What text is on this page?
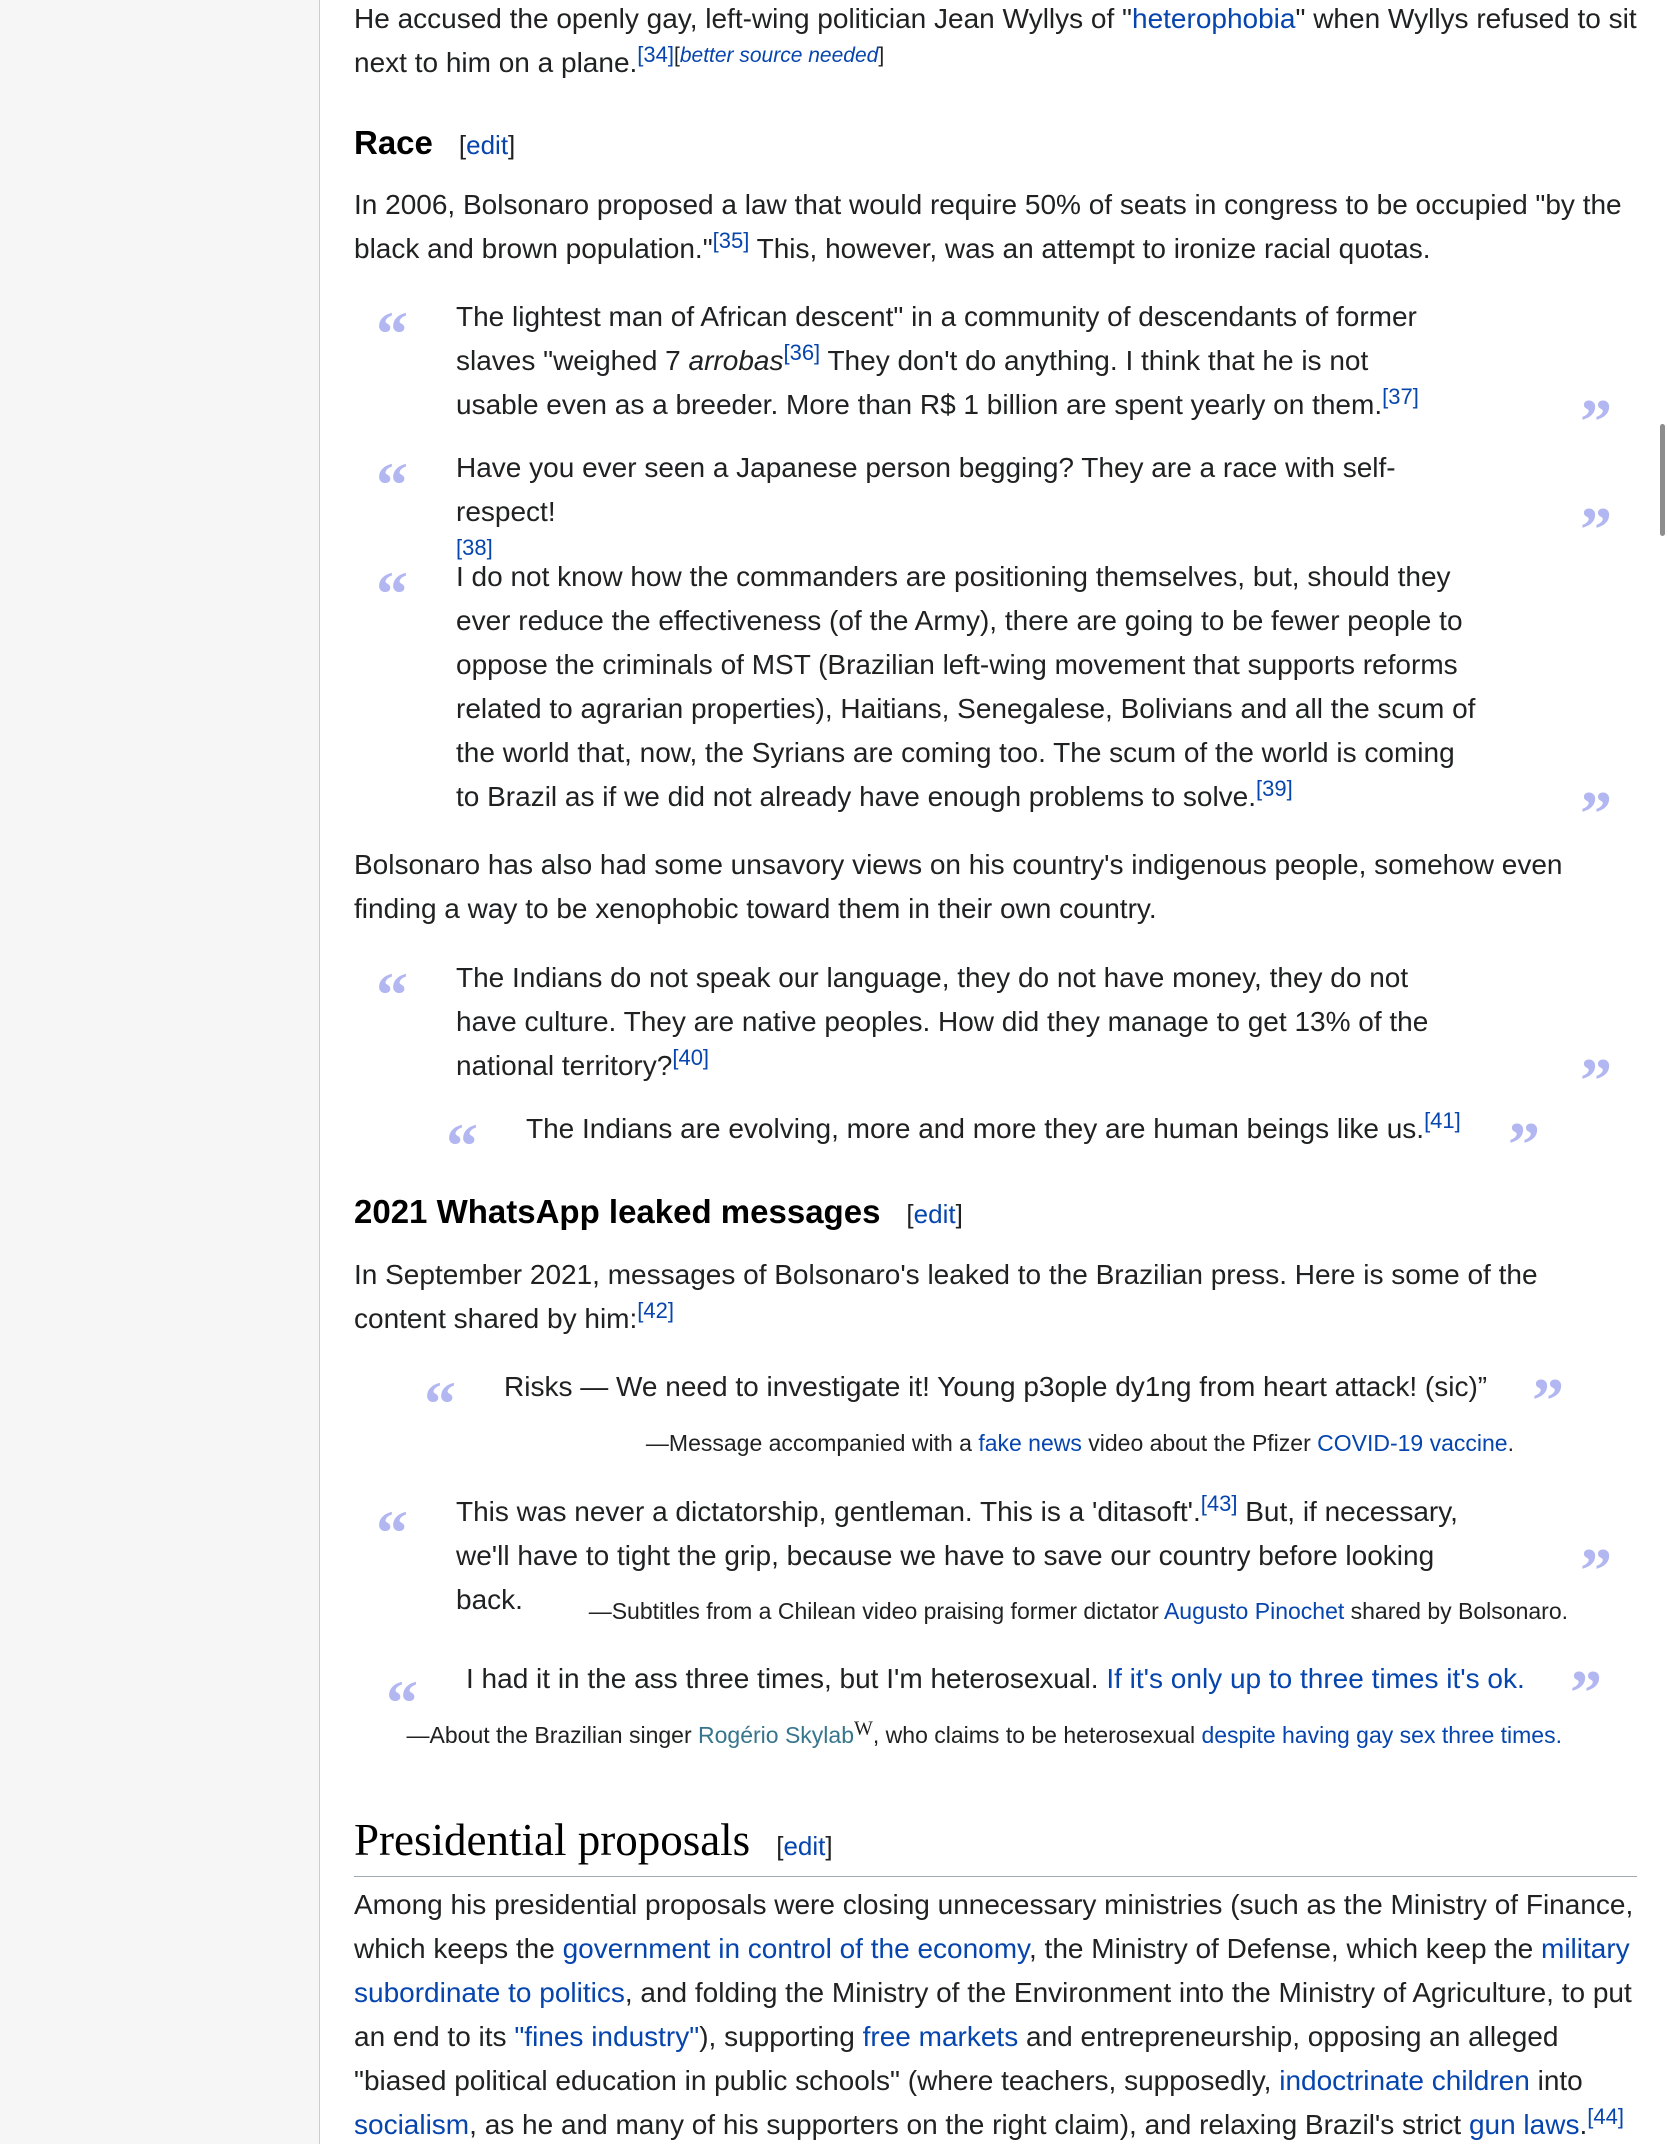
He accused the openly gay, left-wing politician Jean Wyllys of "heterophobia" when Wyllys refused to sit next to him on a plane.[34][better source needed]

Race [edit]

In 2006, Bolsonaro proposed a law that would require 50% of seats in congress to be occupied "by the black and brown population."[35] This, however, was an attempt to ironize racial quotas.

“ The lightest man of African descent" in a community of descendants of former slaves "weighed 7 arrobas[36] They don't do anything. I think that he is not usable even as a breeder. More than R$ 1 billion are spent yearly on them.[37]	”
“ Have you ever seen a Japanese person begging? They are a race with self-respect!
[38]	”
“ I do not know how the commanders are positioning themselves, but, should they ever reduce the effectiveness (of the Army), there are going to be fewer people to oppose the criminals of MST (Brazilian left-wing movement that supports reforms related to agrarian properties), Haitians, Senegalese, Bolivians and all the scum of the world that, now, the Syrians are coming too. The scum of the world is coming to Brazil as if we did not already have enough problems to solve.[39]	”

Bolsonaro has also had some unsavory views on his country's indigenous people, somehow even finding a way to be xenophobic toward them in their own country.

“ The Indians do not speak our language, they do not have money, they do not have culture. They are native peoples. How did they manage to get 13% of the national territory?[40]	”
“ The Indians are evolving, more and more they are human beings like us.[41] ”
2021 WhatsApp leaked messages [edit]

In September 2021, messages of Bolsonaro's leaked to the Brazilian press. Here is some of the content shared by him:[42]

“ Risks — We need to investigate it! Young p3ople dy1ng from heart attack! (sic)” ”
—Message accompanied with a fake news video about the Pfizer COVID-19 vaccine.
“ This was never a dictatorship, gentleman. This is a 'ditasoft'.[43] But, if necessary, we'll have to tight the grip, because we have to save our country before looking back.	”
—Subtitles from a Chilean video praising former dictator Augusto Pinochet shared by Bolsonaro.
“ I had it in the ass three times, but I'm heterosexual. If it's only up to three times it's ok. ”
—About the Brazilian singer Rogério SkylabW, who claims to be heterosexual despite having gay sex three times.
Presidential proposals [edit]

Among his presidential proposals were closing unnecessary ministries (such as the Ministry of Finance, which keeps the government in control of the economy, the Ministry of Defense, which keep the military subordinate to politics, and folding the Ministry of the Environment into the Ministry of Agriculture, to put an end to its "fines industry"), supporting free markets and entrepreneurship, opposing an alleged "biased political education in public schools" (where teachers, supposedly, indoctrinate children into socialism, as he and many of his supporters on the right claim), and relaxing Brazil's strict gun laws.[44]
